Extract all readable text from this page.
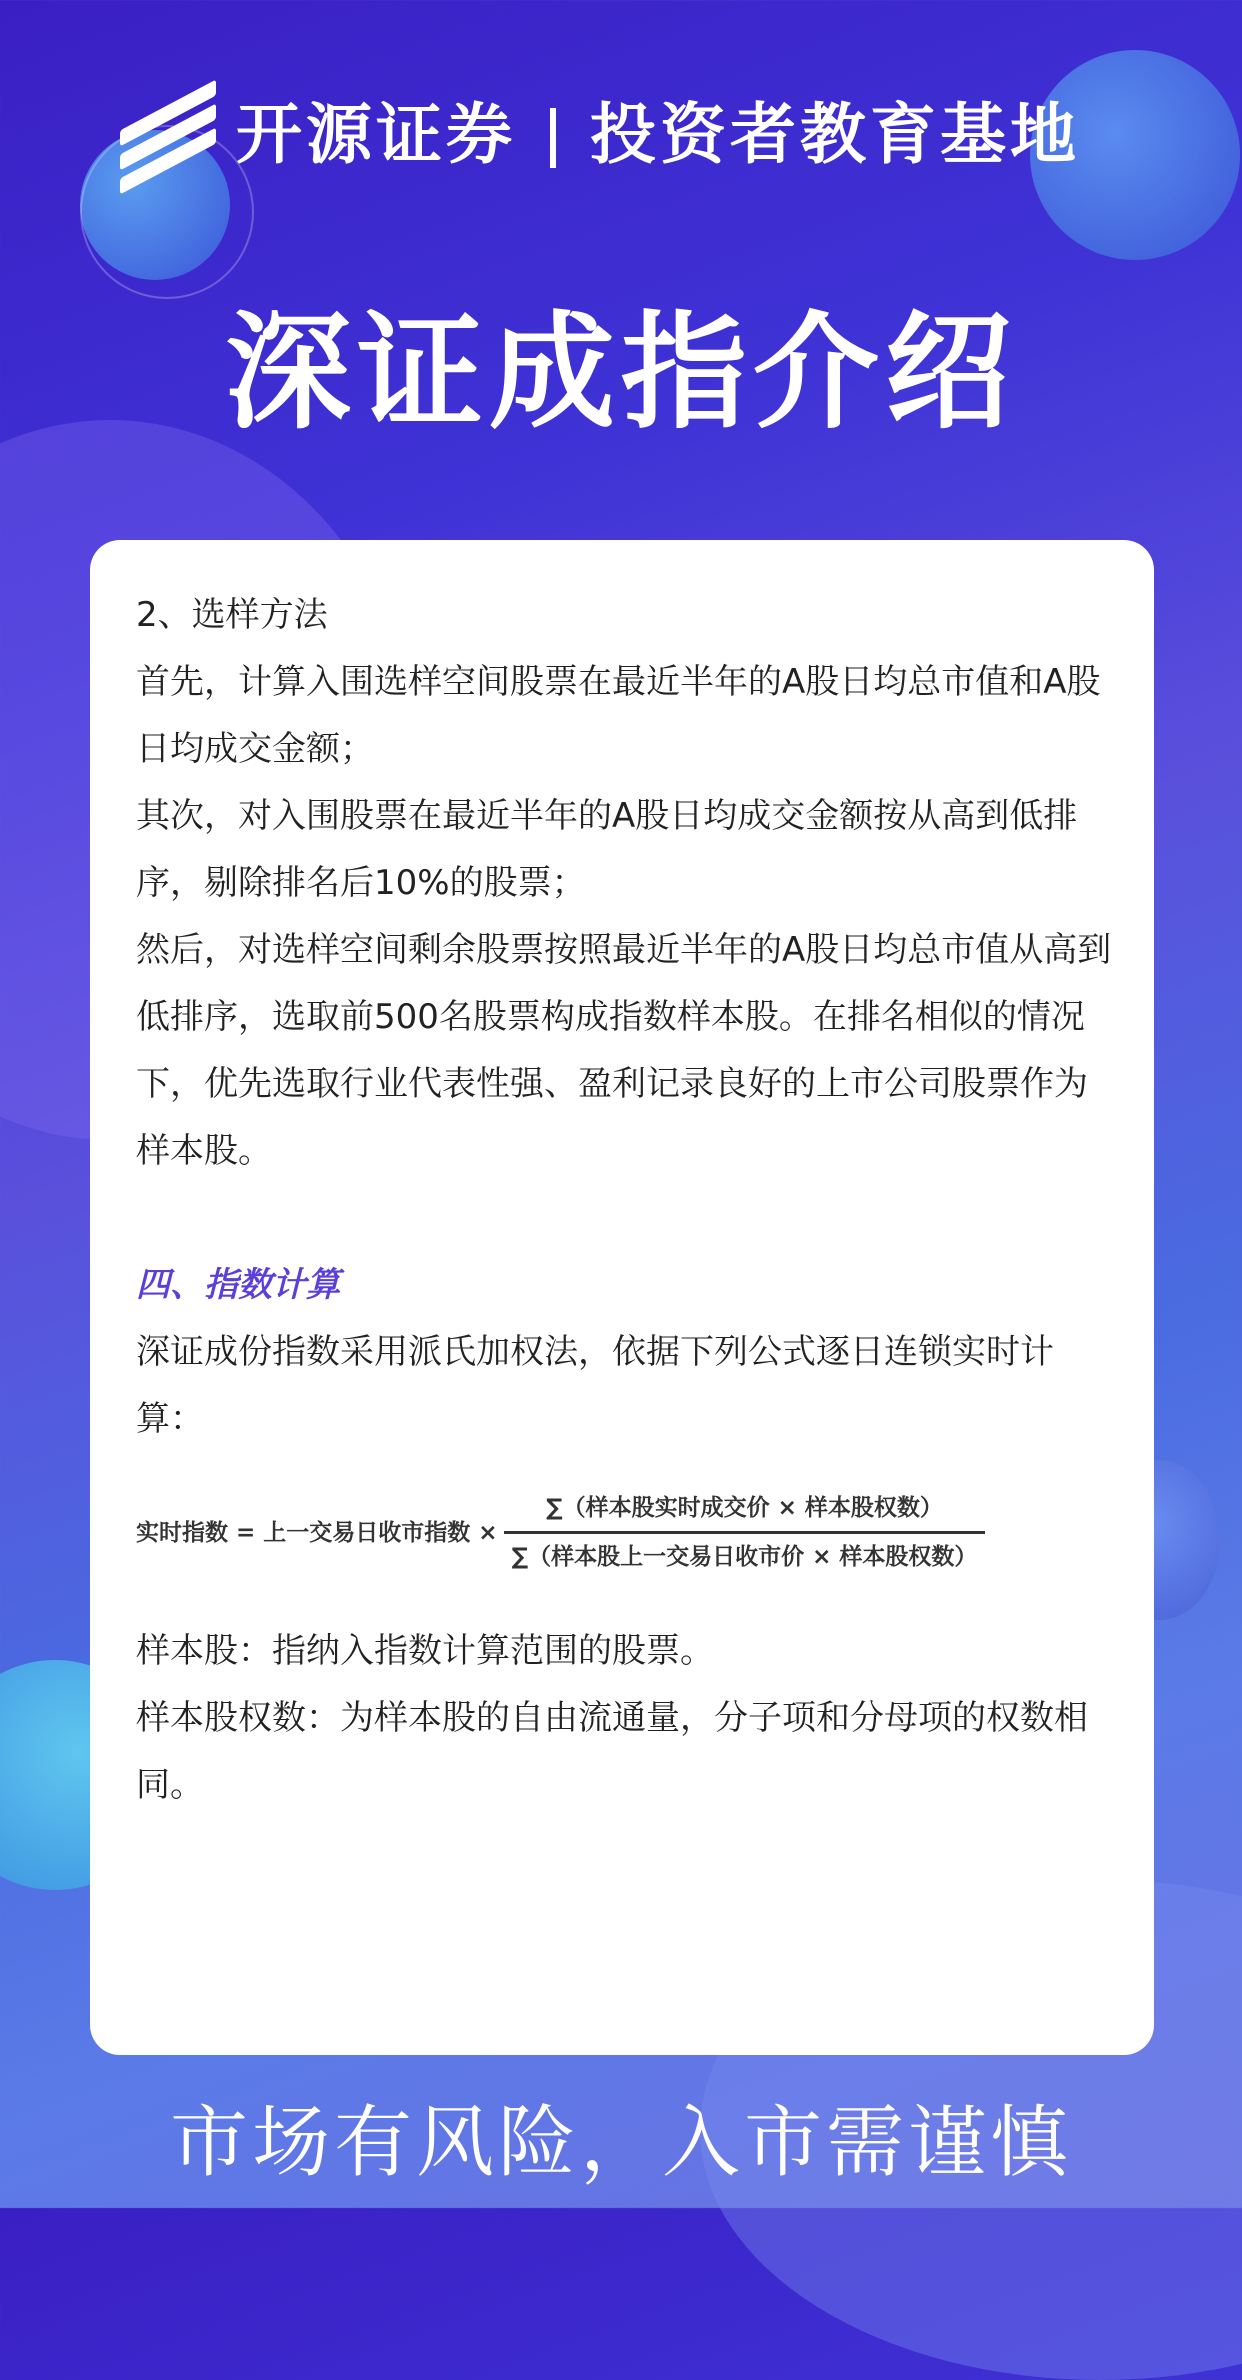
开源证券 投资者教育基地
深证成指介绍

2、选样方法

首先，计算入围选样空间股票在最近半年的A股日均总市值和A股日均成交金额；

其次，对入围股票在最近半年的A股日均成交金额按从高到低排序，剔除排名后10%的股票；

然后，对选样空间剩余股票按照最近半年的A股日均总市值从高到低排序，选取前500名股票构成指数样本股。在排名相似的情况下，优先选取行业代表性强、盈利记录良好的上市公司股票作为样本股。

四、指数计算

深证成份指数采用派氏加权法，依据下列公式逐日连锁实时计算：

实时指数 = 上一交易日收市指数 × $\frac{\text{∑（样本股实时成交价 × 样本股权数）}}{\text{∑（样本股上一交易日收市价 × 样本股权数）}}$

样本股：指纳入指数计算范围的股票。

样本股权数：为样本股的自由流通量，分子项和分母项的权数相同。

市场有风险，入市需谨慎
